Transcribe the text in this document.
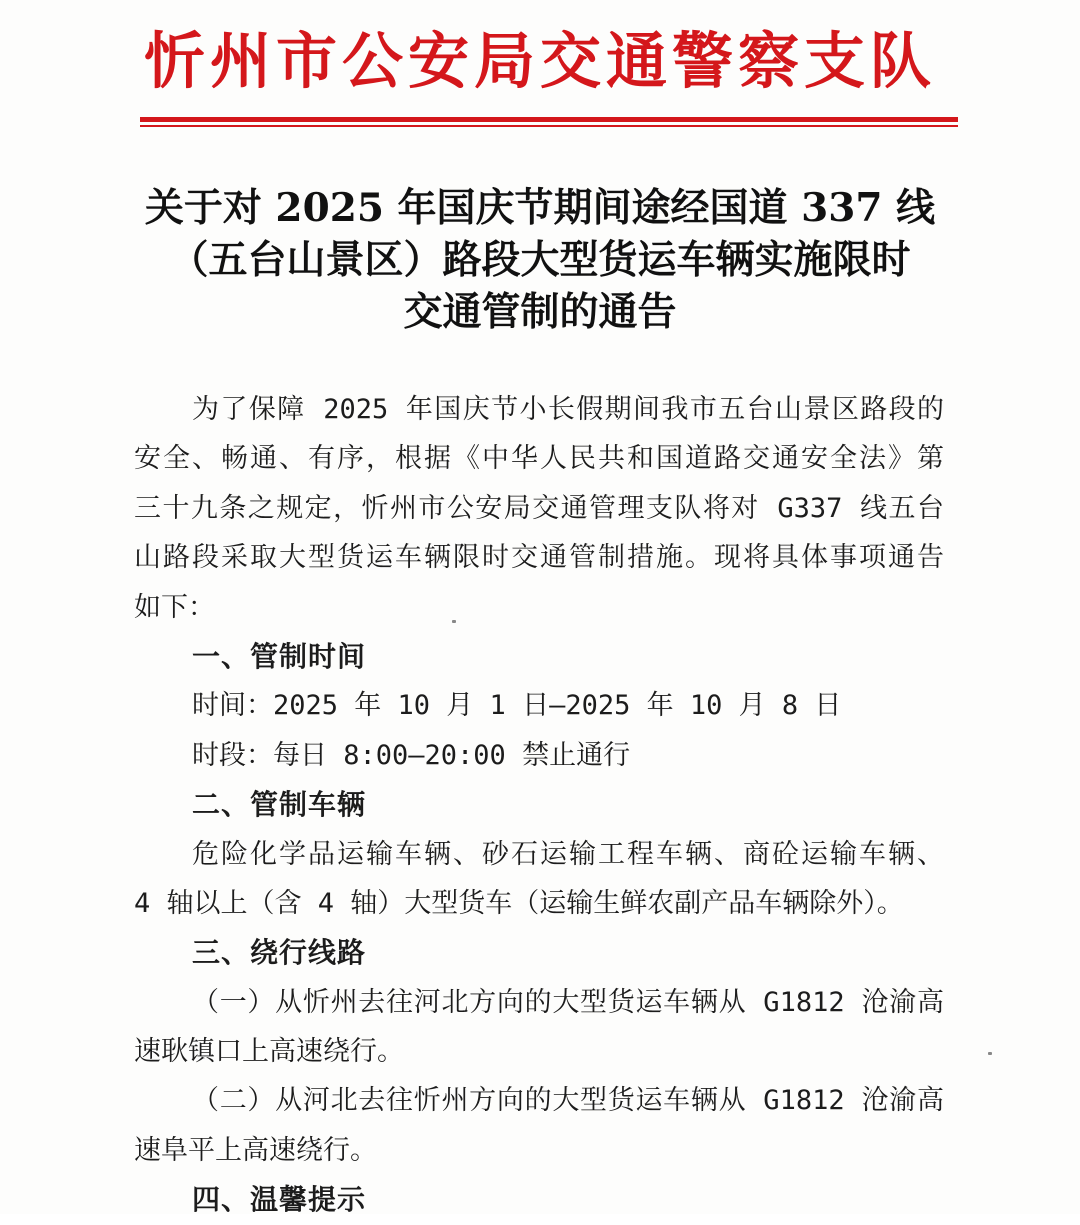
忻州市公安局交通警察支队
关于对 2025 年国庆节期间途经国道 337 线
（五台山景区）路段大型货运车辆实施限时
交通管制的通告
为了保障 2025 年国庆节小长假期间我市五台山景区路段的
安全、畅通、有序，根据《中华人民共和国道路交通安全法》第
三十九条之规定，忻州市公安局交通管理支队将对 G337 线五台
山路段采取大型货运车辆限时交通管制措施。现将具体事项通告
如下：
一、管制时间
时间：2025 年 10 月 1 日—2025 年 10 月 8 日
时段：每日 8:00—20:00 禁止通行
二、管制车辆
危险化学品运输车辆、砂石运输工程车辆、商砼运输车辆、
4 轴以上（含 4 轴）大型货车（运输生鲜农副产品车辆除外）。
三、绕行线路
（一）从忻州去往河北方向的大型货运车辆从 G1812 沧渝高
速耿镇口上高速绕行。
（二）从河北去往忻州方向的大型货运车辆从 G1812 沧渝高
速阜平上高速绕行。
四、温馨提示
